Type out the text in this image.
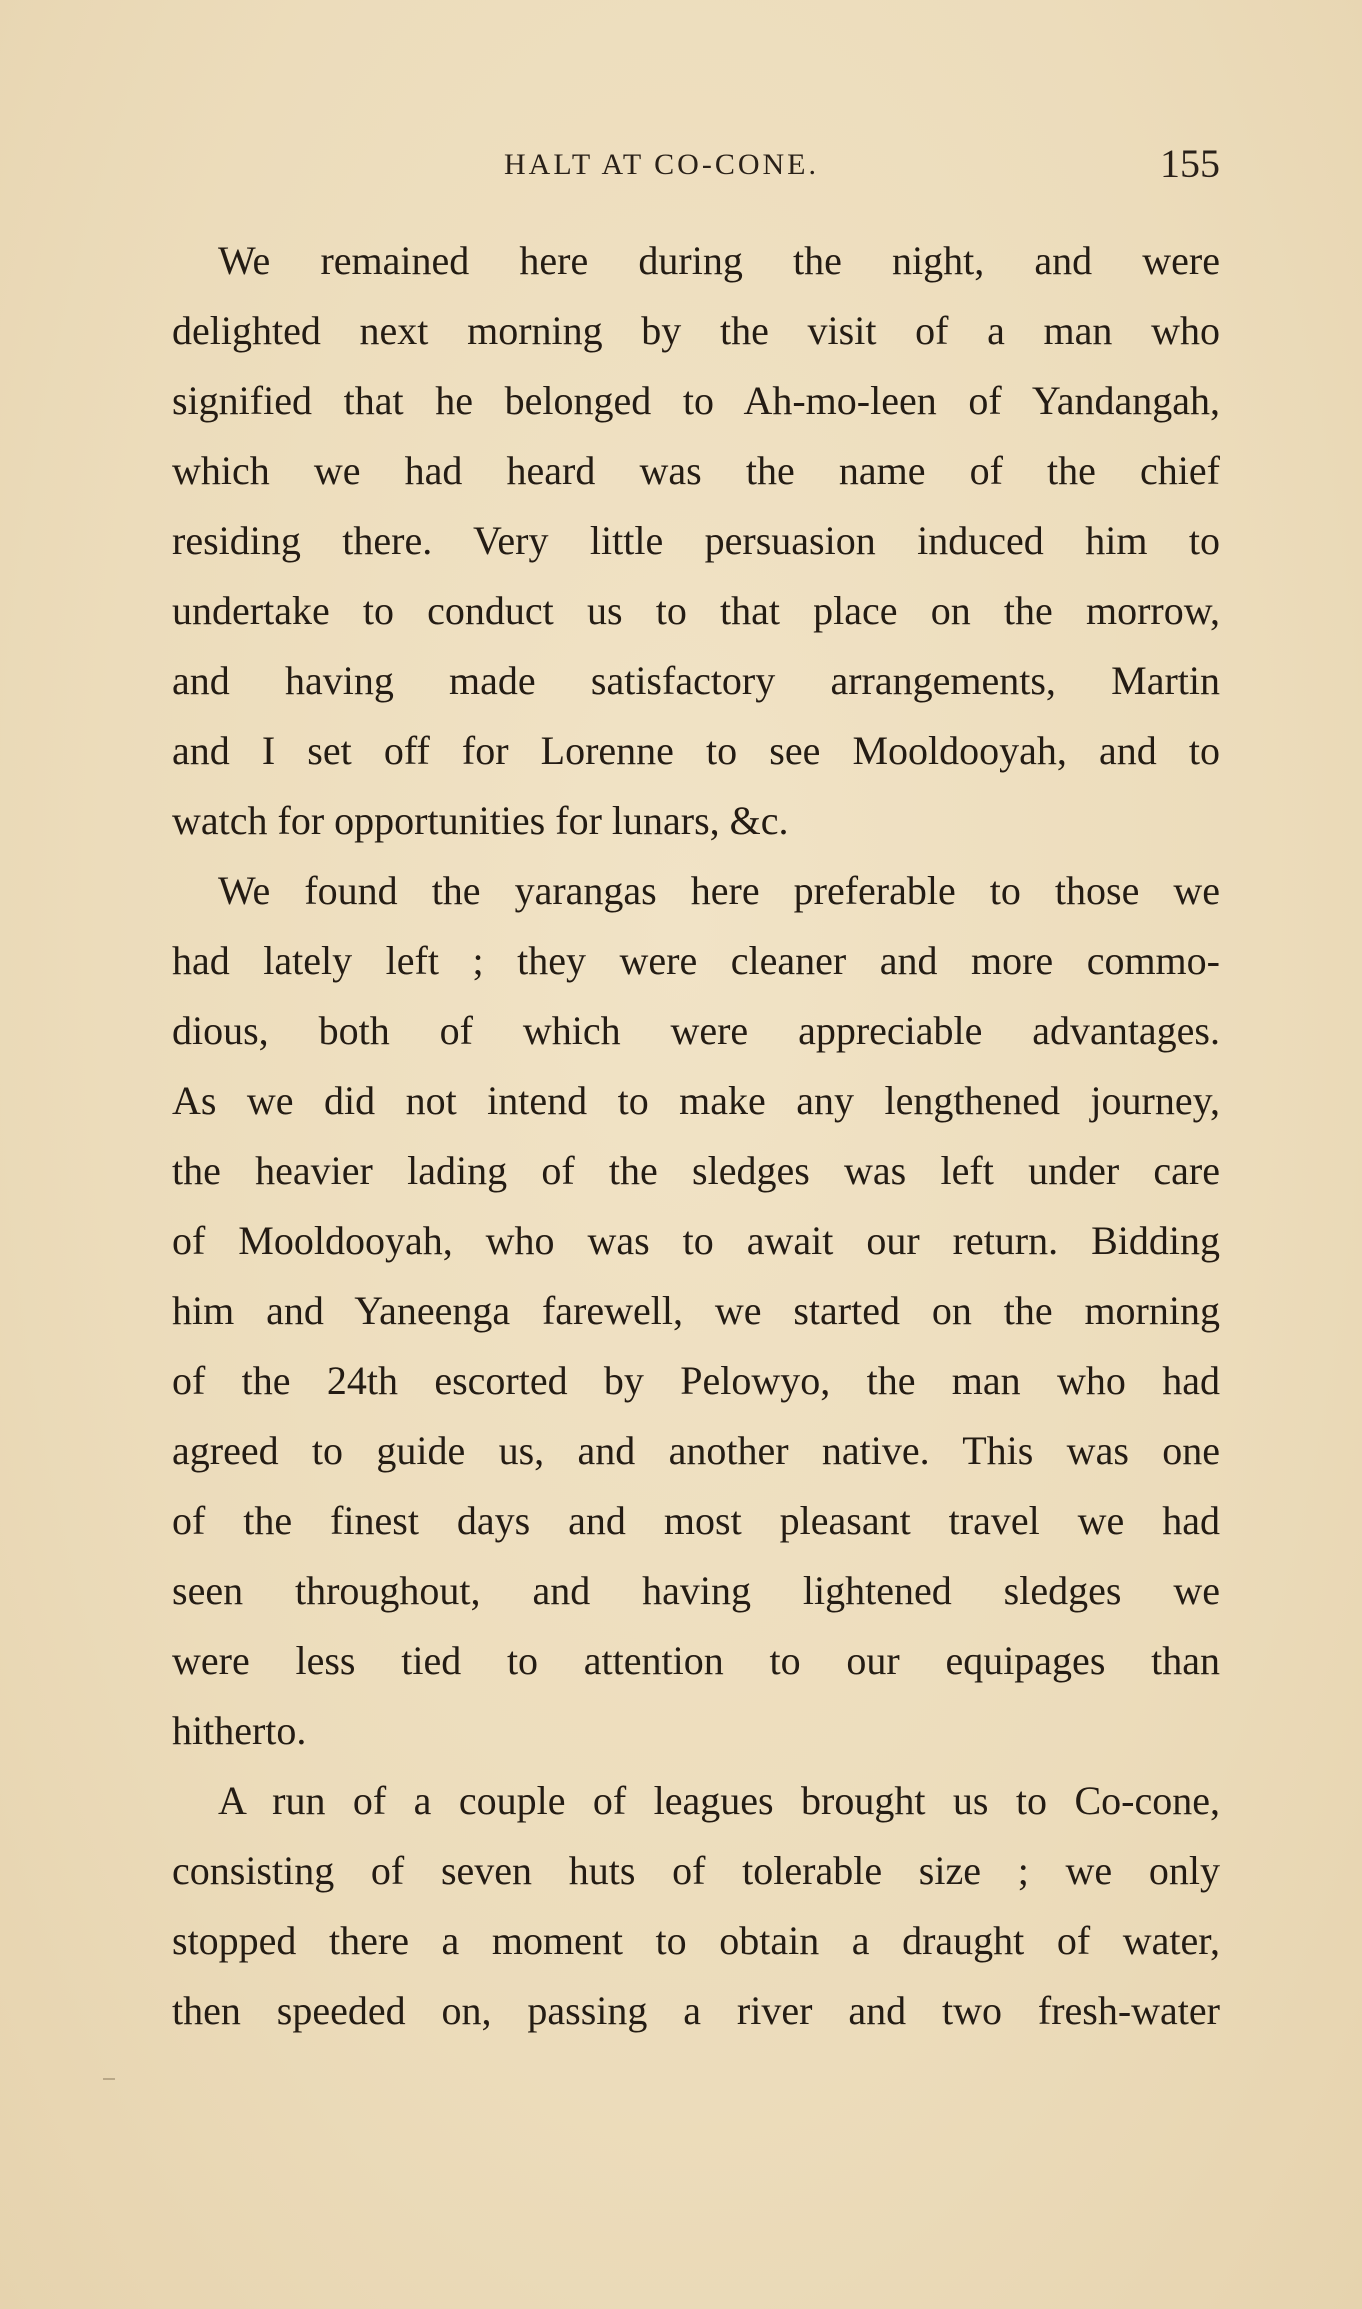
HALT AT CO-CONE.	155
We remained here during the night, and were
delighted next morning by the visit of a man who
signified that he belonged to Ah-mo-leen of Yandangah,
which we had heard was the name of the chief
residing there. Very little persuasion induced him to
undertake to conduct us to that place on the morrow,
and having made satisfactory arrangements, Martin
and I set off for Lorenne to see Mooldooyah, and to
watch for opportunities for lunars, &c.
We found the yarangas here preferable to those we
had lately left ; they were cleaner and more commo-
dious, both of which were appreciable advantages.
As we did not intend to make any lengthened journey,
the heavier lading of the sledges was left under care
of Mooldooyah, who was to await our return. Bidding
him and Yaneenga farewell, we started on the morning
of the 24th escorted by Pelowyo, the man who had
agreed to guide us, and another native. This was one
of the finest days and most pleasant travel we had
seen throughout, and having lightened sledges we
were less tied to attention to our equipages than
hitherto.
A run of a couple of leagues brought us to Co-cone,
consisting of seven huts of tolerable size ; we only
stopped there a moment to obtain a draught of water,
then speeded on, passing a river and two fresh-water
